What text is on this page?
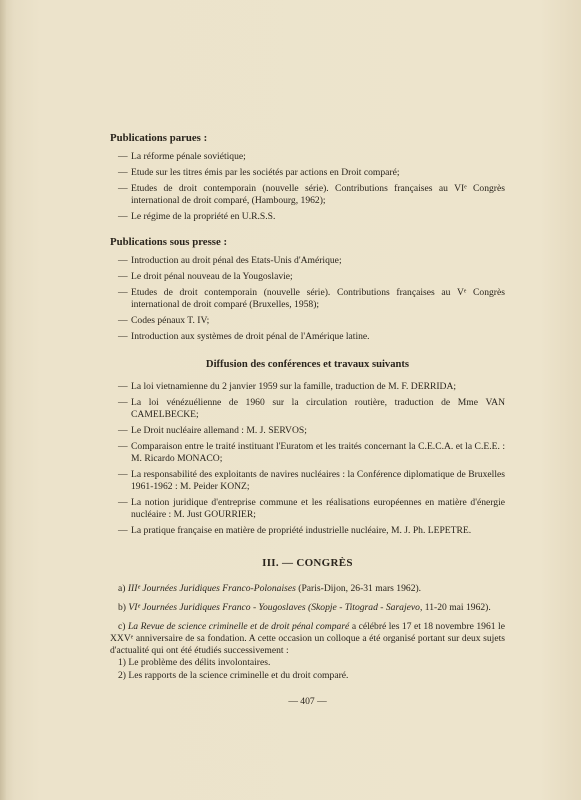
Publications parues :
— La réforme pénale soviétique;
— Etude sur les titres émis par les sociétés par actions en Droit comparé;
— Etudes de droit contemporain (nouvelle série). Contributions françaises au VIᵉ Congrès international de droit comparé, (Hambourg, 1962);
— Le régime de la propriété en U.R.S.S.
Publications sous presse :
— Introduction au droit pénal des Etats-Unis d'Amérique;
— Le droit pénal nouveau de la Yougoslavie;
— Etudes de droit contemporain (nouvelle série). Contributions françaises au Vᵉ Congrès international de droit comparé (Bruxelles, 1958);
— Codes pénaux T. IV;
— Introduction aux systèmes de droit pénal de l'Amérique latine.
Diffusion des conférences et travaux suivants
— La loi vietnamienne du 2 janvier 1959 sur la famille, traduction de M. F. DERRIDA;
— La loi vénézuélienne de 1960 sur la circulation routière, traduction de Mme VAN CAMELBECKE;
— Le Droit nucléaire allemand : M. J. SERVOS;
— Comparaison entre le traité instituant l'Euratom et les traités concernant la C.E.C.A. et la C.E.E. : M. Ricardo MONACO;
— La responsabilité des exploitants de navires nucléaires : la Conférence diplomatique de Bruxelles 1961-1962 : M. Peider KONZ;
— La notion juridique d'entreprise commune et les réalisations européennes en matière d'énergie nucléaire : M. Just GOURRIER;
— La pratique française en matière de propriété industrielle nucléaire, M. J. Ph. LEPETRE.
III. — CONGRÈS

a) IIIᵉ Journées Juridiques Franco-Polonaises (Paris-Dijon, 26-31 mars 1962).

b) VIᵉ Journées Juridiques Franco - Yougoslaves (Skopje - Titograd - Sarajevo, 11-20 mai 1962).

c) La Revue de science criminelle et de droit pénal comparé a célébré les 17 et 18 novembre 1961 le XXVᵉ anniversaire de sa fondation. A cette occasion un colloque a été organisé portant sur deux sujets d'actualité qui ont été étudiés successivement :

1) Le problème des délits involontaires.
2) Les rapports de la science criminelle et du droit comparé.
— 407 —
